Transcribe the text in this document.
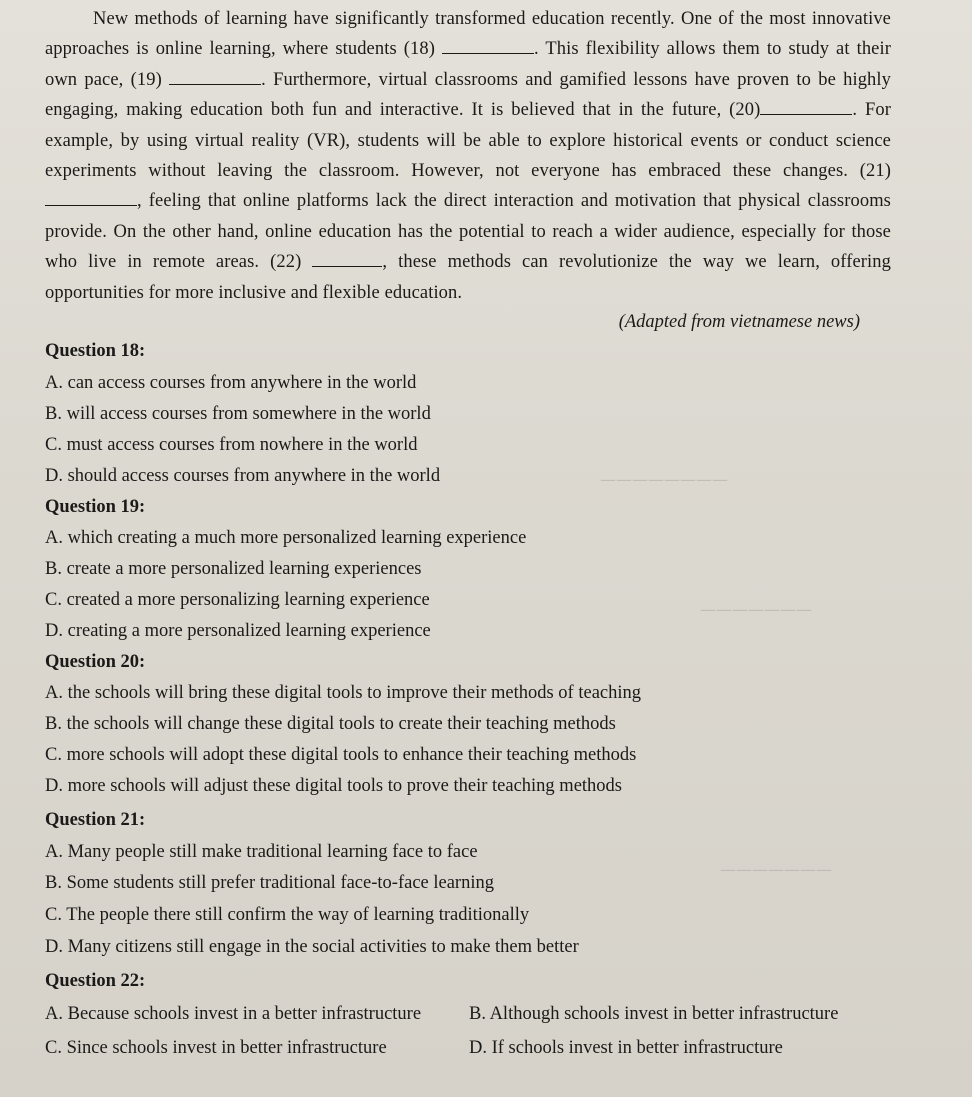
————————
———————
———————
New methods of learning have significantly transformed education recently. One of the most innovative approaches is online learning, where students (18)	. This flexibility allows them to study at their own pace, (19)	. Furthermore, virtual classrooms and gamified lessons have proven to be highly engaging, making education both fun and interactive. It is believed that in the future, (20)	. For example, by using virtual reality (VR), students will be able to explore historical events or conduct science experiments without leaving the classroom. However, not everyone has embraced these changes. (21) , feeling that online platforms lack the direct interaction and motivation that physical classrooms provide. On the other hand, online education has the potential to reach a wider audience, especially for those who live in remote areas. (22)	, these methods can revolutionize the way we learn, offering opportunities for more inclusive and flexible education.
(Adapted from vietnamese news)
Question 18:
A. can access courses from anywhere in the world
B. will access courses from somewhere in the world
C. must access courses from nowhere in the world
D. should access courses from anywhere in the world
Question 19:
A. which creating a much more personalized learning experience
B. create a more personalized learning experiences
C. created a more personalizing learning experience
D. creating a more personalized learning experience
Question 20:
A. the schools will bring these digital tools to improve their methods of teaching
B. the schools will change these digital tools to create their teaching methods
C. more schools will adopt these digital tools to enhance their teaching methods
D. more schools will adjust these digital tools to prove their teaching methods
Question 21:
A. Many people still make traditional learning face to face
B. Some students still prefer traditional face-to-face learning
C. The people there still confirm the way of learning traditionally
D. Many citizens still engage in the social activities to make them better
Question 22:
A. Because schools invest in a better infrastructure	B. Although schools invest in better infrastructure
C. Since schools invest in better infrastructure	D. If schools invest in better infrastructure
